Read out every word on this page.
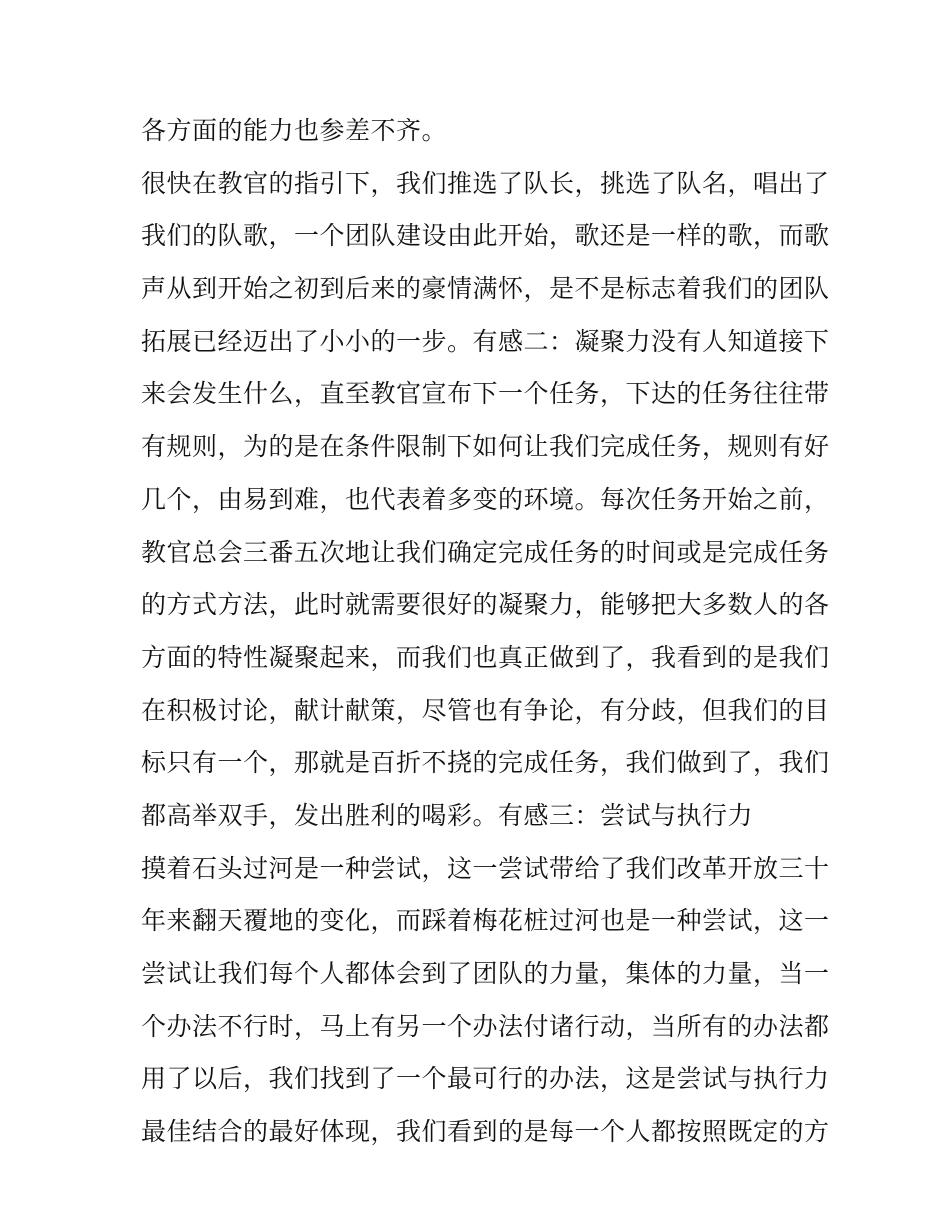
各方面的能力也参差不齐。
很快在教官的指引下，我们推选了队长，挑选了队名，唱出了
我们的队歌，一个团队建设由此开始，歌还是一样的歌，而歌
声从到开始之初到后来的豪情满怀，是不是标志着我们的团队
拓展已经迈出了小小的一步。有感二：凝聚力没有人知道接下
来会发生什么，直至教官宣布下一个任务，下达的任务往往带
有规则，为的是在条件限制下如何让我们完成任务，规则有好
几个，由易到难，也代表着多变的环境。每次任务开始之前，
教官总会三番五次地让我们确定完成任务的时间或是完成任务
的方式方法，此时就需要很好的凝聚力，能够把大多数人的各
方面的特性凝聚起来，而我们也真正做到了，我看到的是我们
在积极讨论，献计献策，尽管也有争论，有分歧，但我们的目
标只有一个，那就是百折不挠的完成任务，我们做到了，我们
都高举双手，发出胜利的喝彩。有感三：尝试与执行力
摸着石头过河是一种尝试，这一尝试带给了我们改革开放三十
年来翻天覆地的变化，而踩着梅花桩过河也是一种尝试，这一
尝试让我们每个人都体会到了团队的力量，集体的力量，当一
个办法不行时，马上有另一个办法付诸行动，当所有的办法都
用了以后，我们找到了一个最可行的办法，这是尝试与执行力
最佳结合的最好体现，我们看到的是每一个人都按照既定的方
